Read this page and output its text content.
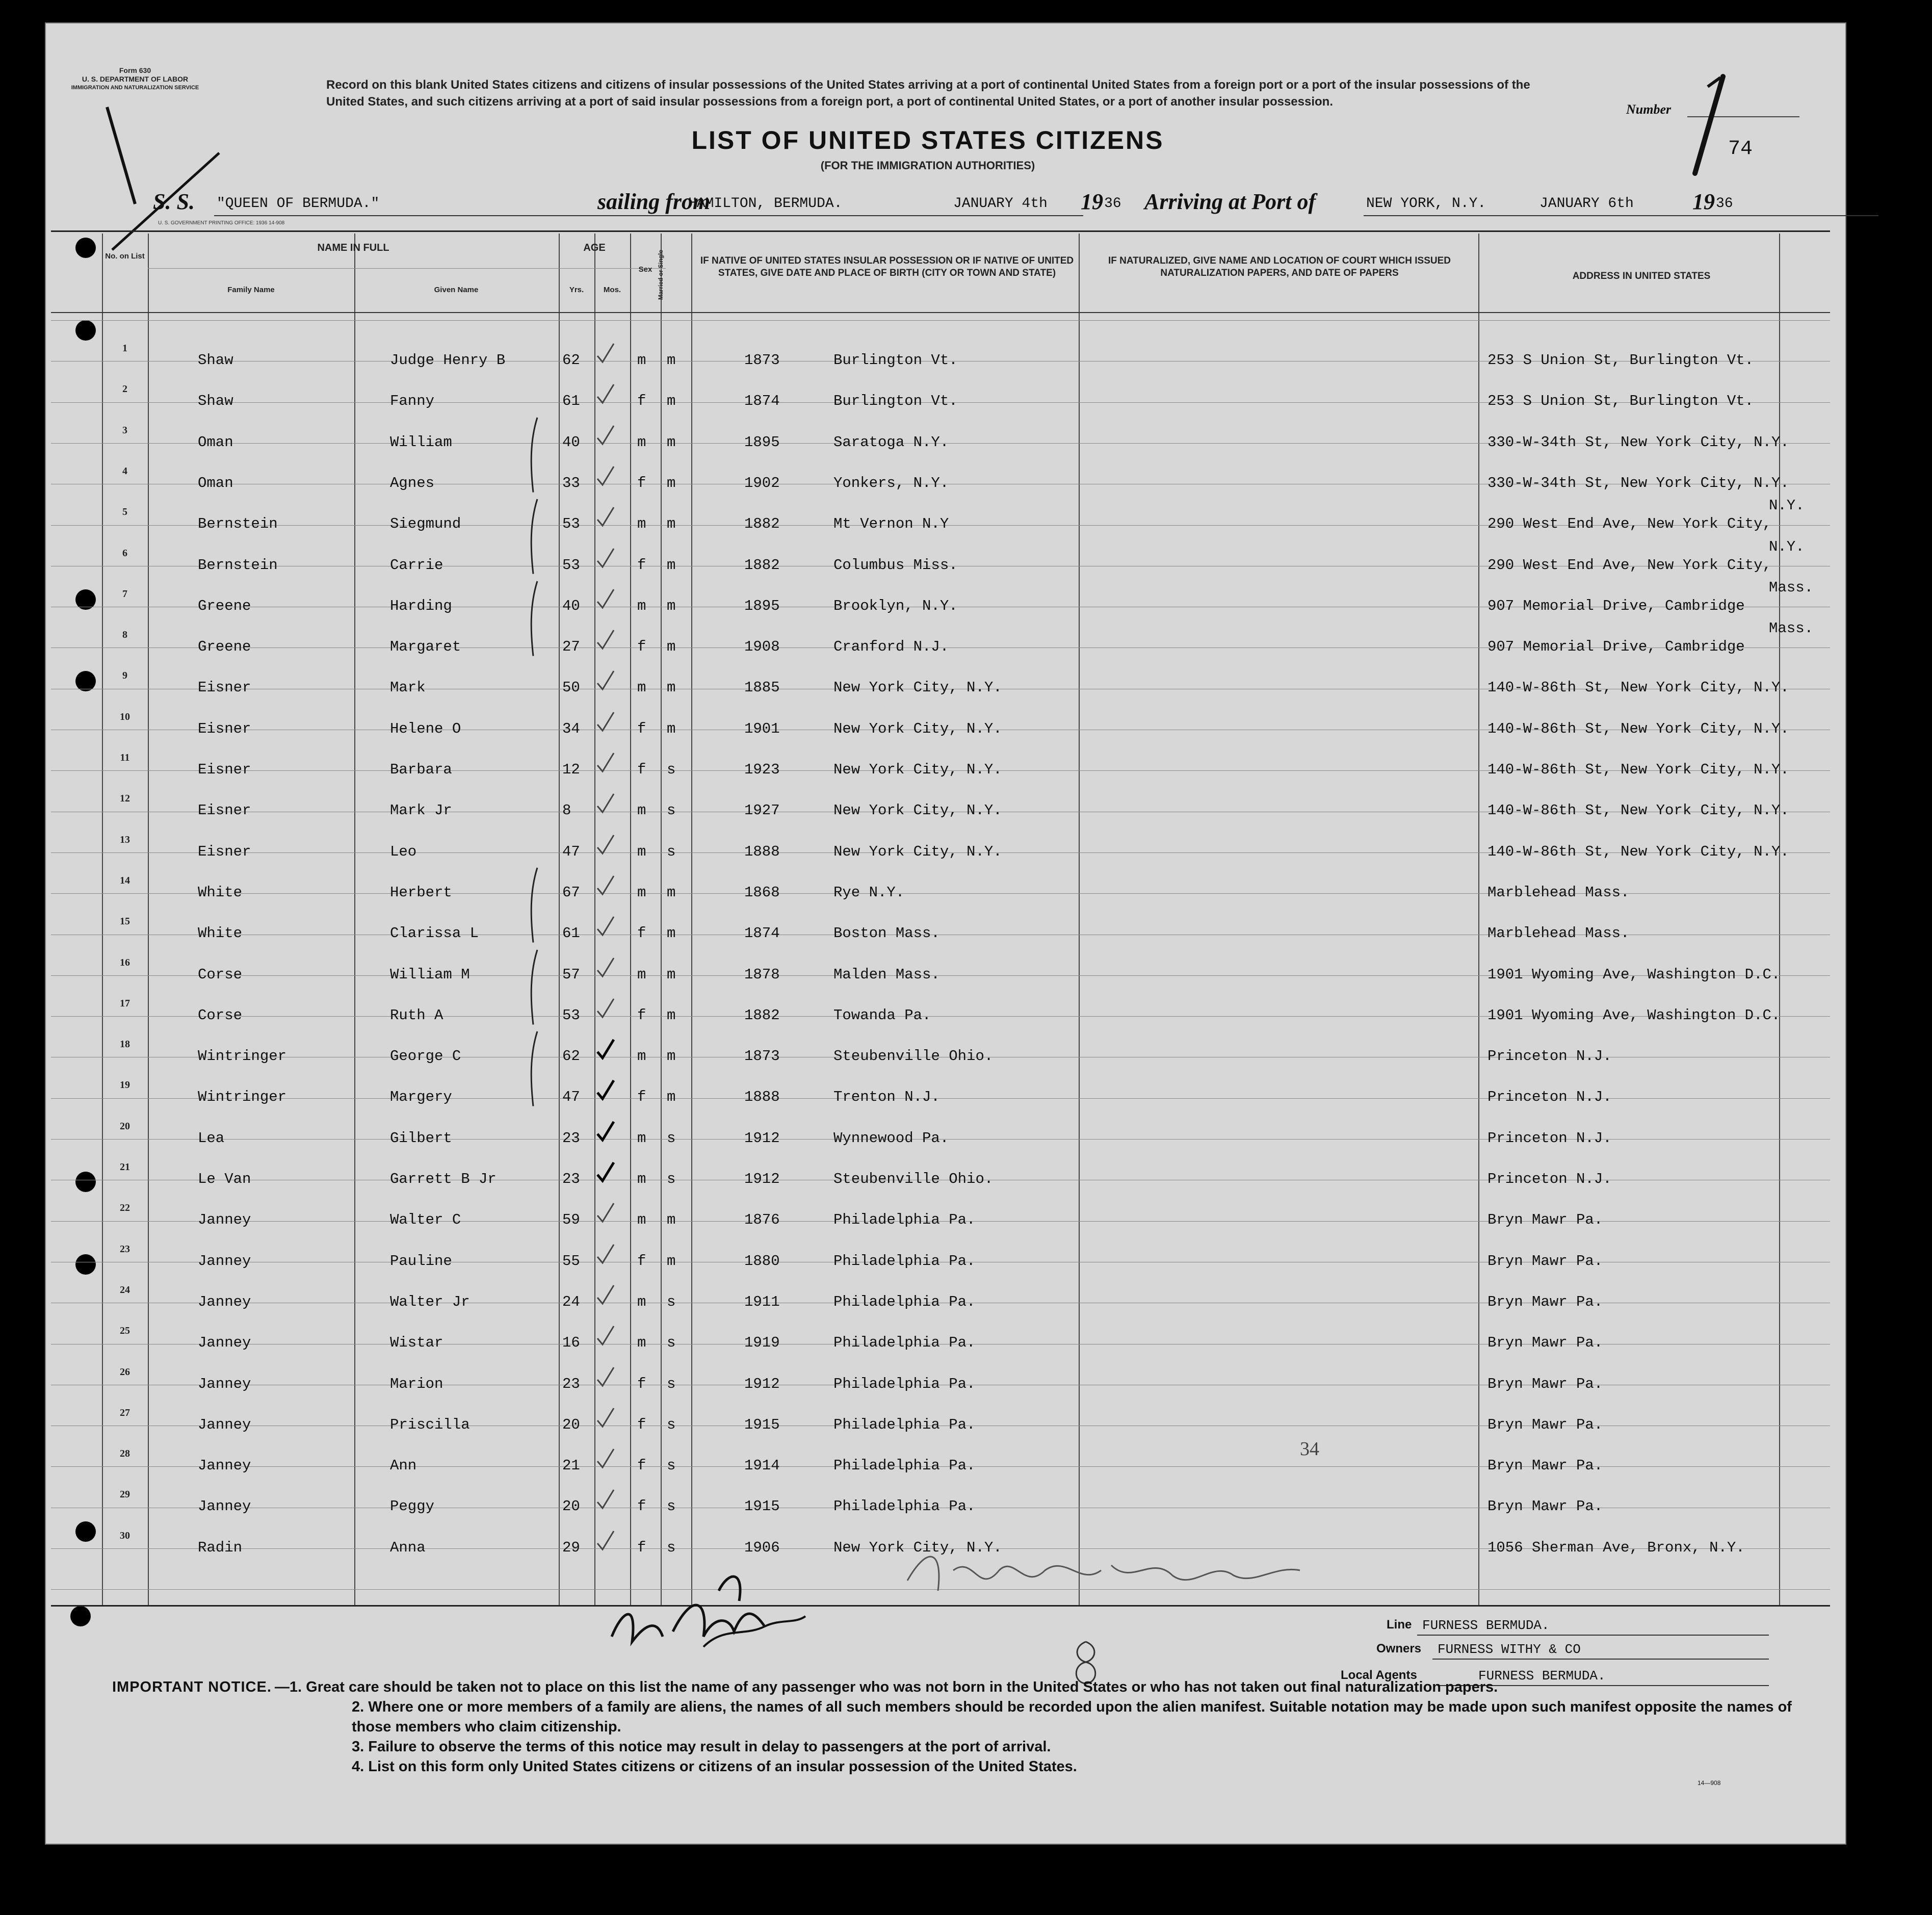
Form 630
U. S. DEPARTMENT OF LABOR
IMMIGRATION AND NATURALIZATION SERVICE	Record on this blank United States citizens and citizens of insular possessions of the United States arriving at a port of continental United States from a foreign port or a port of the insular possessions of the United States, and such citizens arriving at a port of said insular possessions from a foreign port, a port of continental United States, or a port of another insular possession.
LIST OF UNITED STATES CITIZENS
(FOR THE IMMIGRATION AUTHORITIES)
Number
74
S. S. "QUEEN OF BERMUDA."	sailing from
HAMILTON, BERMUDA.	JANUARY 4th 19 36 Arriving at Port of	NEW YORK, N.Y.	JANUARY 6th	19 36
U. S. GOVERNMENT PRINTING OFFICE: 1936 14-908
No. on List
NAME IN FULL
Family Name	Given Name
AGE
Yrs.	Mos.
Sex Married or Single	IF NATIVE OF UNITED STATES INSULAR POSSESSION OR IF NATIVE OF UNITED STATES, GIVE DATE AND PLACE OF BIRTH (CITY OR TOWN AND STATE)
IF NATURALIZED, GIVE NAME AND LOCATION OF COURT WHICH ISSUED NATURALIZATION PAPERS, AND DATE OF PAPERS	ADDRESS IN UNITED STATES
1
Shaw	Judge Henry B	62	m m	1873	Burlington Vt.	253 S Union St, Burlington Vt.
2
Shaw	Fanny	61	f m	1874	Burlington Vt.	253 S Union St, Burlington Vt.
3
Oman	William	40	m m	1895	Saratoga N.Y.	330-W-34th St, New York City, N.Y.
4
Oman	Agnes	33	f m	1902	Yonkers, N.Y.	330-W-34th St, New York City, N.Y.
5
Bernstein	Siegmund	53	m m	1882	Mt Vernon N.Y	290 West End Ave, New York City,
N.Y.
6
Bernstein	Carrie	53	f m	1882	Columbus Miss.	290 West End Ave, New York City,
N.Y.
7
Greene	Harding	40	m m	1895	Brooklyn, N.Y.	907 Memorial Drive, Cambridge
Mass.
8
Greene	Margaret	27	f m	1908	Cranford N.J.	907 Memorial Drive, Cambridge
Mass.
9
Eisner	Mark	50	m m	1885	New York City, N.Y.	140-W-86th St, New York City, N.Y.
10
Eisner	Helene O	34	f m	1901	New York City, N.Y.	140-W-86th St, New York City, N.Y.
11
Eisner	Barbara	12	f s	1923	New York City, N.Y.	140-W-86th St, New York City, N.Y.
12
Eisner	Mark Jr	8	m s	1927	New York City, N.Y.	140-W-86th St, New York City, N.Y.
13
Eisner	Leo	47	m s	1888	New York City, N.Y.	140-W-86th St, New York City, N.Y.
14
White	Herbert	67	m m	1868	Rye N.Y.	Marblehead Mass.
15
White	Clarissa L	61	f m	1874	Boston Mass.	Marblehead Mass.
16
Corse	William M	57	m m	1878	Malden Mass.	1901 Wyoming Ave, Washington D.C.
17
Corse	Ruth A	53	f m	1882	Towanda Pa.	1901 Wyoming Ave, Washington D.C.
18
Wintringer	George C	62	m m	1873	Steubenville Ohio.	Princeton N.J.
19
Wintringer	Margery	47	f m	1888	Trenton N.J.	Princeton N.J.
20
Lea	Gilbert	23	m s	1912	Wynnewood Pa.	Princeton N.J.
21
Le Van	Garrett B Jr	23	m s	1912	Steubenville Ohio.	Princeton N.J.
22
Janney	Walter C	59	m m	1876	Philadelphia Pa.	Bryn Mawr Pa.
23
Janney	Pauline	55	f m	1880	Philadelphia Pa.	Bryn Mawr Pa.
24
Janney	Walter Jr	24	m s	1911	Philadelphia Pa.	Bryn Mawr Pa.
25
Janney	Wistar	16	m s	1919	Philadelphia Pa.	Bryn Mawr Pa.
26
Janney	Marion	23	f s	1912	Philadelphia Pa.	Bryn Mawr Pa.
27
Janney	Priscilla	20	f s	1915	Philadelphia Pa.	Bryn Mawr Pa.
28
Janney	Ann	21	f s	1914	Philadelphia Pa.	Bryn Mawr Pa.
29
Janney	Peggy	20	f s	1915	Philadelphia Pa.	Bryn Mawr Pa.
30
Radin	Anna	29	f s	1906	New York City, N.Y.	1056 Sherman Ave, Bronx, N.Y.
34
Line FURNESS BERMUDA.
Owners FURNESS WITHY & CO
Local Agents	FURNESS BERMUDA.
IMPORTANT NOTICE. —1. Great care should be taken not to place on this list the name of any passenger who was not born in the United States or who has not taken out final naturalization papers.
2. Where one or more members of a family are aliens, the names of all such members should be recorded upon the alien manifest. Suitable notation may be made upon such manifest opposite the names of those members who claim citizenship.
3. Failure to observe the terms of this notice may result in delay to passengers at the port of arrival.
4. List on this form only United States citizens or citizens of an insular possession of the United States.
14—908
